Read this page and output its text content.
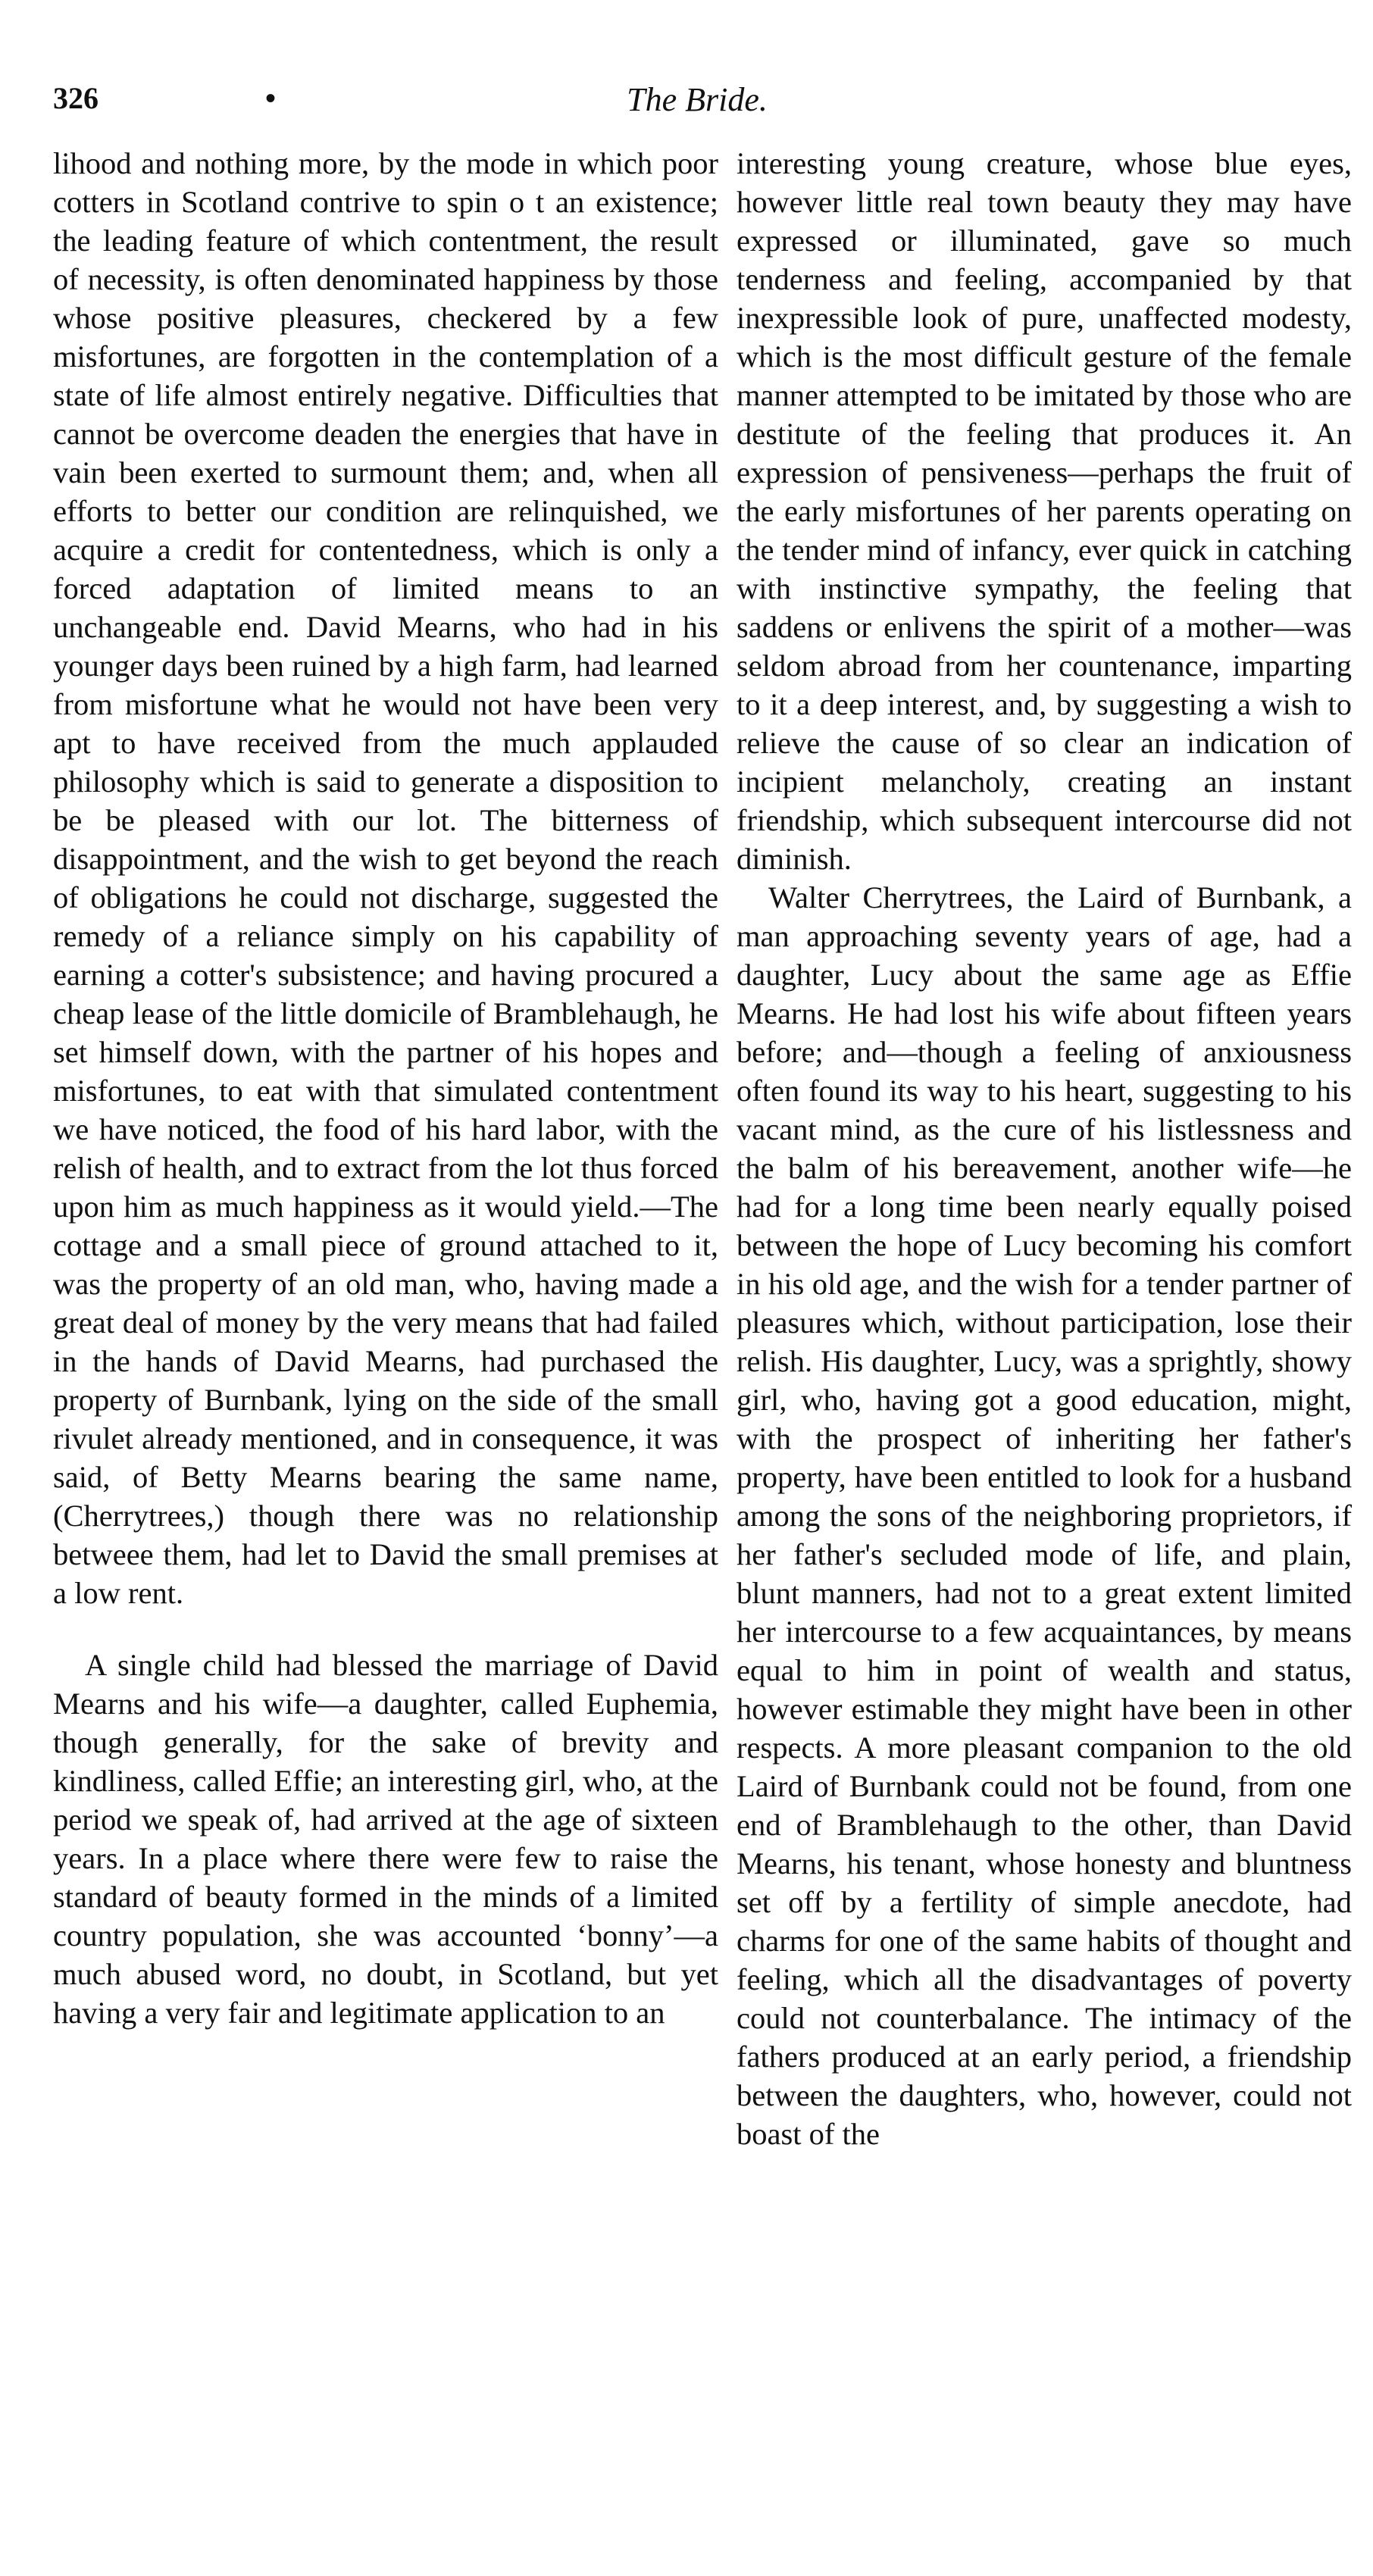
326	•	The Bride.

lihood and nothing more, by the mode in which poor cotters in Scotland contrive to spin o t an existence; the leading feature of which contentment, the result of necessity, is often denominated happiness by those whose positive pleasures, checkered by a few misfortunes, are forgotten in the contemplation of a state of life almost entirely negative. Difficulties that cannot be overcome deaden the energies that have in vain been exerted to surmount them; and, when all efforts to better our condition are relinquished, we acquire a credit for contentedness, which is only a forced adaptation of limited means to an unchangeable end. David Mearns, who had in his younger days been ruined by a high farm, had learned from misfortune what he would not have been very apt to have received from the much applauded philosophy which is said to generate a disposition to be be pleased with our lot. The bitterness of disappointment, and the wish to get beyond the reach of obligations he could not discharge, suggested the remedy of a reliance simply on his capability of earning a cotter's subsistence; and having procured a cheap lease of the little domicile of Bramblehaugh, he set himself down, with the partner of his hopes and misfortunes, to eat with that simulated contentment we have noticed, the food of his hard labor, with the relish of health, and to extract from the lot thus forced upon him as much happiness as it would yield.—The cottage and a small piece of ground attached to it, was the property of an old man, who, having made a great deal of money by the very means that had failed in the hands of David Mearns, had purchased the property of Burnbank, lying on the side of the small rivulet already mentioned, and in consequence, it was said, of Betty Mearns bearing the same name, (Cherrytrees,) though there was no relationship betweee them, had let to David the small premises at a low rent.

A single child had blessed the marriage of David Mearns and his wife—a daughter, called Euphemia, though generally, for the sake of brevity and kindliness, called Effie; an interesting girl, who, at the period we speak of, had arrived at the age of sixteen years. In a place where there were few to raise the standard of beauty formed in the minds of a limited country population, she was accounted ‘bonny’—a much abused word, no doubt, in Scotland, but yet having a very fair and legitimate application to an

interesting young creature, whose blue eyes, however little real town beauty they may have expressed or illuminated, gave so much tenderness and feeling, accompanied by that inexpressible look of pure, unaffected modesty, which is the most difficult gesture of the female manner attempted to be imitated by those who are destitute of the feeling that produces it. An expression of pensiveness—perhaps the fruit of the early misfortunes of her parents operating on the tender mind of infancy, ever quick in catching with instinctive sympathy, the feeling that saddens or enlivens the spirit of a mother—was seldom abroad from her countenance, imparting to it a deep interest, and, by suggesting a wish to relieve the cause of so clear an indication of incipient melancholy, creating an instant friendship, which subsequent intercourse did not diminish.

Walter Cherrytrees, the Laird of Burnbank, a man approaching seventy years of age, had a daughter, Lucy about the same age as Effie Mearns. He had lost his wife about fifteen years before; and—though a feeling of anxiousness often found its way to his heart, suggesting to his vacant mind, as the cure of his listlessness and the balm of his bereavement, another wife—he had for a long time been nearly equally poised between the hope of Lucy becoming his comfort in his old age, and the wish for a tender partner of pleasures which, without participation, lose their relish. His daughter, Lucy, was a sprightly, showy girl, who, having got a good education, might, with the prospect of inheriting her father's property, have been entitled to look for a husband among the sons of the neighboring proprietors, if her father's secluded mode of life, and plain, blunt manners, had not to a great extent limited her intercourse to a few acquaintances, by means equal to him in point of wealth and status, however estimable they might have been in other respects. A more pleasant companion to the old Laird of Burnbank could not be found, from one end of Bramblehaugh to the other, than David Mearns, his tenant, whose honesty and bluntness set off by a fertility of simple anecdote, had charms for one of the same habits of thought and feeling, which all the disadvantages of poverty could not counterbalance. The intimacy of the fathers produced at an early period, a friendship between the daughters, who, however, could not boast of the
